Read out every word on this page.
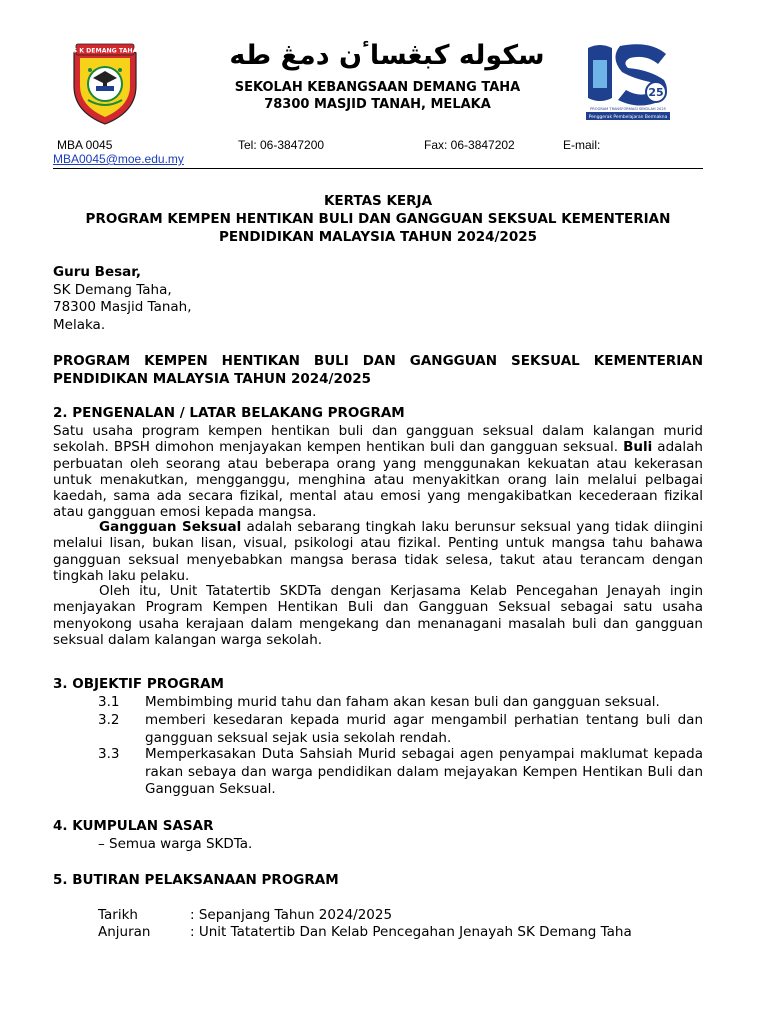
S K DEMANG TAHA	سکوله کبڠساٴن دمڠ طه
SEKOLAH KEBANGSAAN DEMANG TAHA
78300 MASJID TANAH, MELAKA
25
PROGRAM TRANSFORMASI SEKOLAH 2025
Penggerak Pembelajaran Bermakna
MBA 0045	Tel: 06-3847200	Fax: 06-3847202	E-mail:
MBA0045@moe.edu.my
KERTAS KERJA
PROGRAM KEMPEN HENTIKAN BULI DAN GANGGUAN SEKSUAL KEMENTERIAN
PENDIDIKAN MALAYSIA TAHUN 2024/2025
Guru Besar,
SK Demang Taha,
78300 Masjid Tanah,
Melaka.
PROGRAM KEMPEN HENTIKAN BULI DAN GANGGUAN SEKSUAL KEMENTERIAN PENDIDIKAN MALAYSIA TAHUN 2024/2025
2. PENGENALAN / LATAR BELAKANG PROGRAM
Satu usaha program kempen hentikan buli dan gangguan seksual dalam kalangan murid sekolah. BPSH dimohon menjayakan kempen hentikan buli dan gangguan seksual. Buli adalah perbuatan oleh seorang atau beberapa orang yang menggunakan kekuatan atau kekerasan untuk menakutkan, mengganggu, menghina atau menyakitkan orang lain melalui pelbagai kaedah, sama ada secara fizikal, mental atau emosi yang mengakibatkan kecederaan fizikal atau gangguan emosi kepada mangsa.
Gangguan Seksual adalah sebarang tingkah laku berunsur seksual yang tidak diingini melalui lisan, bukan lisan, visual, psikologi atau fizikal. Penting untuk mangsa tahu bahawa gangguan seksual menyebabkan mangsa berasa tidak selesa, takut atau terancam dengan tingkah laku pelaku.
Oleh itu, Unit Tatatertib SKDTa dengan Kerjasama Kelab Pencegahan Jenayah ingin menjayakan Program Kempen Hentikan Buli dan Gangguan Seksual sebagai satu usaha menyokong usaha kerajaan dalam mengekang dan menanagani masalah buli dan gangguan seksual dalam kalangan warga sekolah.
3. OBJEKTIF PROGRAM
3.1	Membimbing murid tahu dan faham akan kesan buli dan gangguan seksual.
3.2	memberi kesedaran kepada murid agar mengambil perhatian tentang buli dan gangguan seksual sejak usia sekolah rendah.
3.3	Memperkasakan Duta Sahsiah Murid sebagai agen penyampai maklumat kepada rakan sebaya dan warga pendidikan dalam mejayakan Kempen Hentikan Buli dan Gangguan Seksual.
4. KUMPULAN SASAR
– Semua warga SKDTa.
5. BUTIRAN PELAKSANAAN PROGRAM
Tarikh	: Sepanjang Tahun 2024/2025
Anjuran	: Unit Tatatertib Dan Kelab Pencegahan Jenayah SK Demang Taha
